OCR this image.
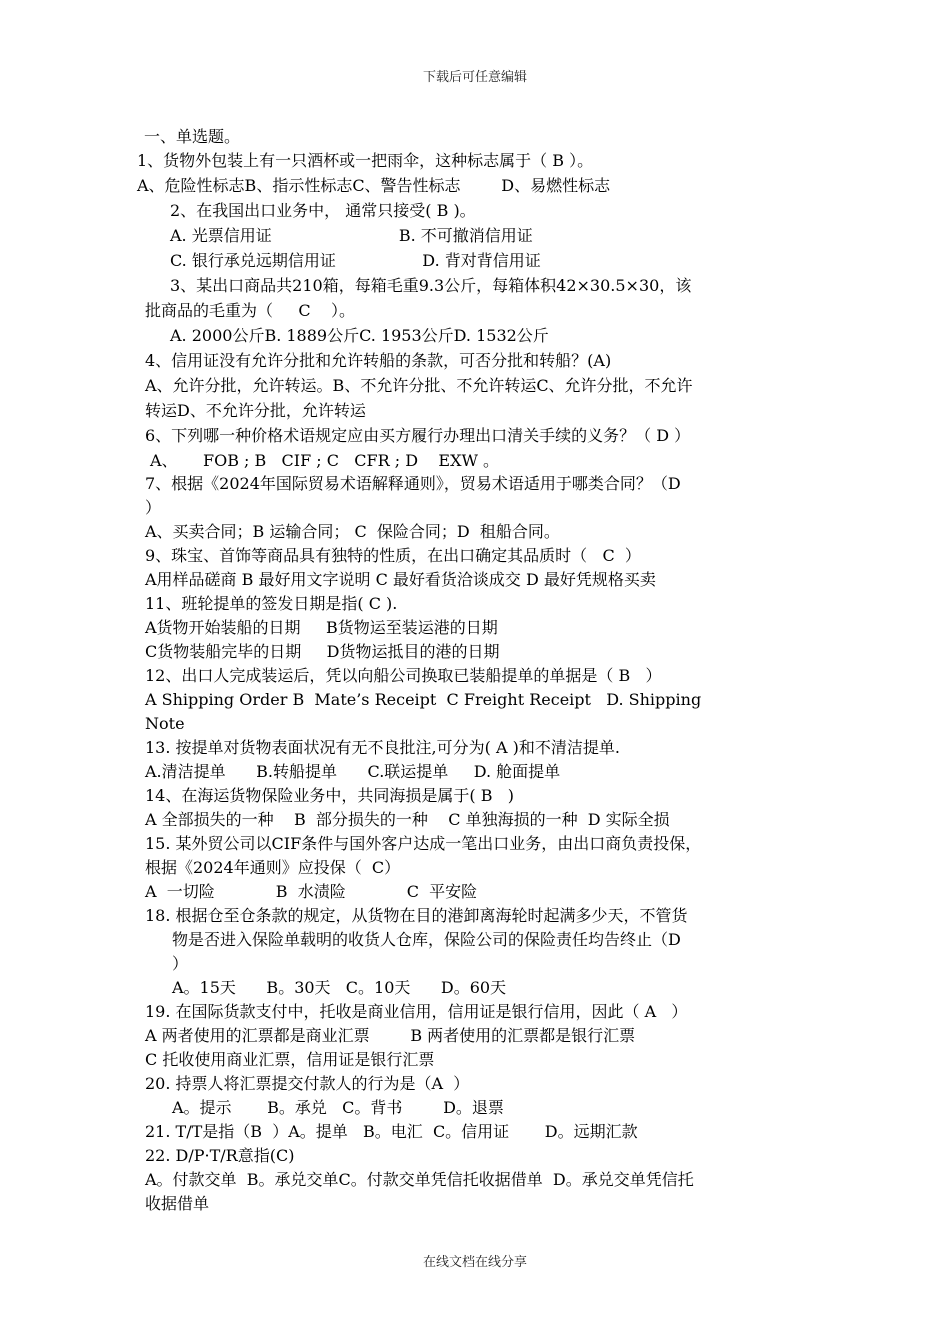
下载后可任意编辑
一、单选题。
1、货物外包装上有一只酒杯或一把雨伞，这种标志属于（ B ）。
A、危险性标志B、指示性标志C、警告性标志        D、易燃性标志
2、在我国出口业务中， 通常只接受( B )。
A. 光票信用证                         B. 不可撤消信用证
C. 银行承兑远期信用证                 D. 背对背信用证
3、某出口商品共210箱，每箱毛重9.3公斤，每箱体积42×30.5×30，该
批商品的毛重为（     C    ）。
A. 2000公斤B. 1889公斤C. 1953公斤D. 1532公斤
4、信用证没有允许分批和允许转船的条款，可否分批和转船？(A)
A、允许分批，允许转运。B、不允许分批、不允许转运C、允许分批，不允许
转运D、不允许分批，允许转运
6、下列哪一种价格术语规定应由买方履行办理出口清关手续的义务？（ D ）
A、     FOB ; B   CIF ; C   CFR ; D    EXW 。
7、根据《2024年国际贸易术语解释通则》，贸易术语适用于哪类合同？（D
）
A、买卖合同；B 运输合同； C  保险合同；D  租船合同。
9、珠宝、首饰等商品具有独特的性质，在出口确定其品质时（   C  ）
A用样品磋商 B 最好用文字说明 C 最好看货洽谈成交 D 最好凭规格买卖
11、班轮提单的签发日期是指( C ).
A货物开始装船的日期     B货物运至装运港的日期
C货物装船完毕的日期     D货物运抵目的港的日期
12、出口人完成装运后，凭以向船公司换取已装船提单的单据是（ B   ）
A Shipping Order B  Mate’s Receipt  C Freight Receipt   D. Shipping
Note
13. 按提单对货物表面状况有无不良批注,可分为( A )和不清洁提单.
A.清洁提单      B.转船提单      C.联运提单     D. 舱面提单
14、在海运货物保险业务中，共同海损是属于( B   )
A 全部损失的一种    B  部分损失的一种    C 单独海损的一种  D 实际全损
15. 某外贸公司以CIF条件与国外客户达成一笔出口业务，由出口商负责投保，
根据《2024年通则》应投保（  C）
A  一切险            B  水渍险            C  平安险
18. 根据仓至仓条款的规定，从货物在目的港卸离海轮时起满多少天，不管货
物是否进入保险单载明的收货人仓库，保险公司的保险责任均告终止（D
）
A。15天      B。30天   C。10天      D。60天
19. 在国际货款支付中，托收是商业信用，信用证是银行信用，因此（ A   ）
A 两者使用的汇票都是商业汇票        B 两者使用的汇票都是银行汇票
C 托收使用商业汇票，信用证是银行汇票
20. 持票人将汇票提交付款人的行为是（A  ）
A。提示       B。承兑   C。背书        D。退票
21. T/T是指（B  ）A。提单   B。电汇  C。信用证       D。远期汇款
22. D/P·T/R意指(C)
A。付款交单  B。承兑交单C。付款交单凭信托收据借单  D。承兑交单凭信托
收据借单
在线文档在线分享
